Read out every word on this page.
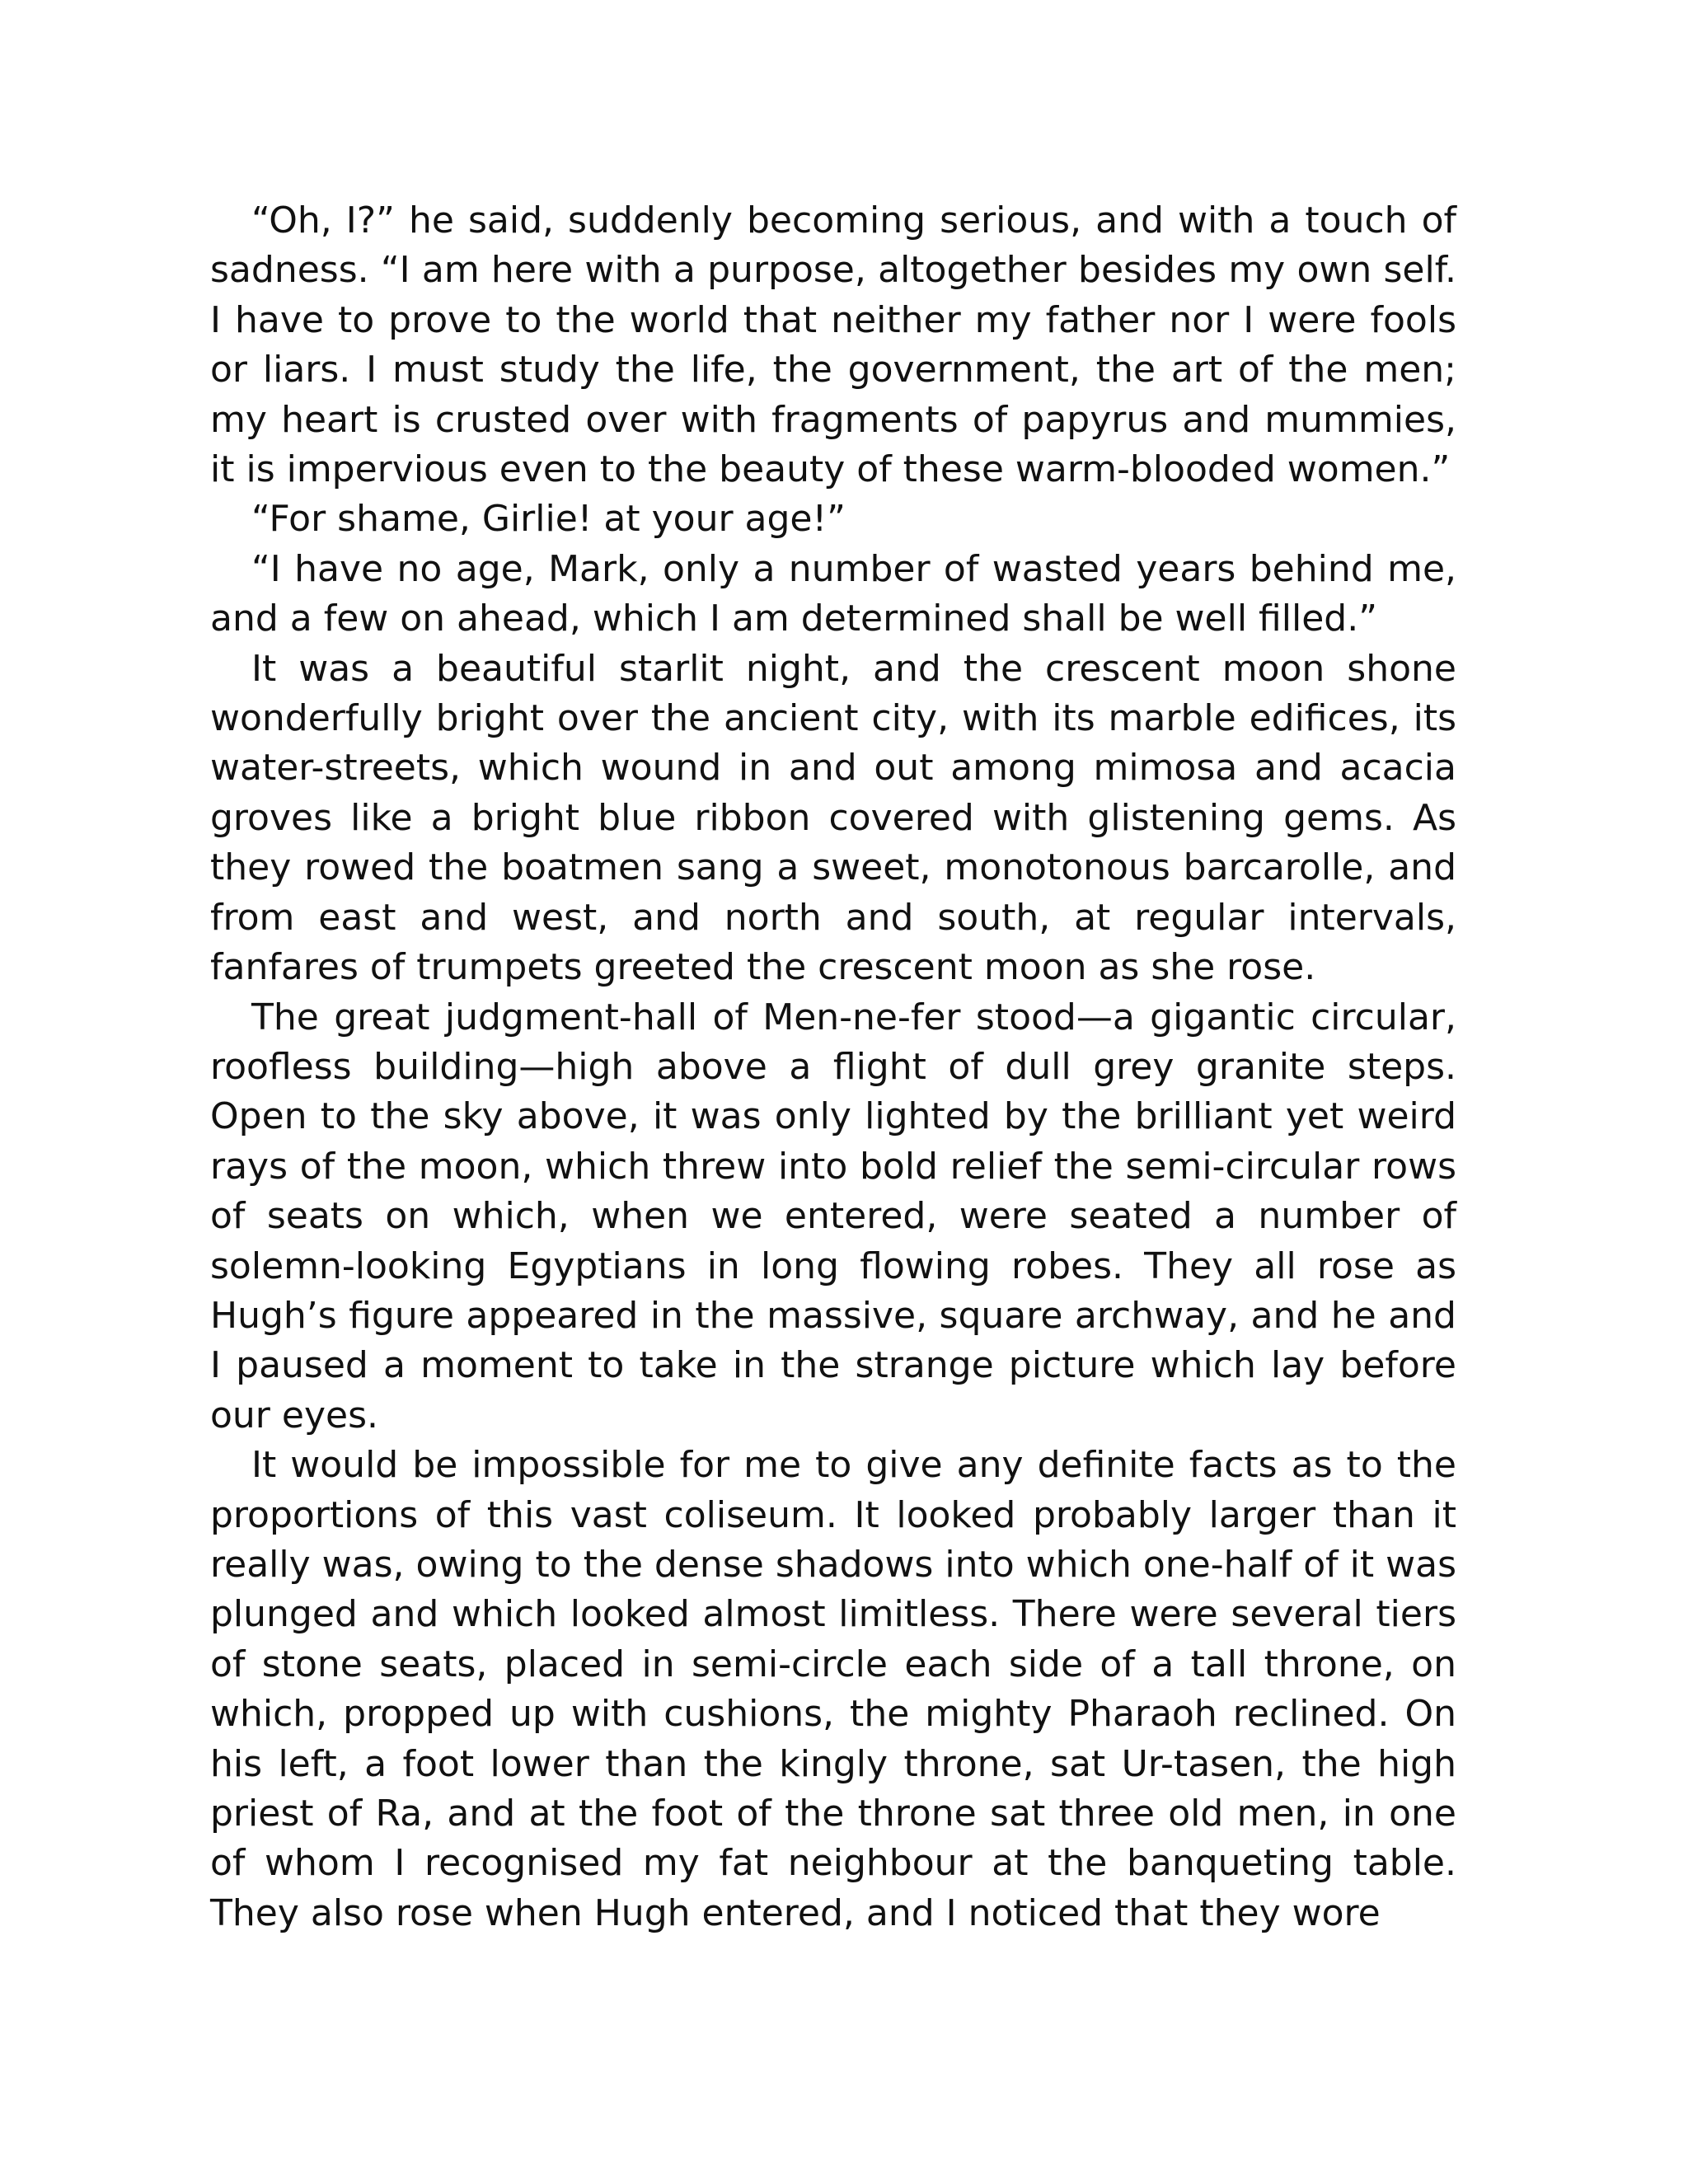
“Oh, I?” he said, suddenly becoming serious, and with a touch of sadness. “I am here with a purpose, altogether besides my own self. I have to prove to the world that neither my father nor I were fools or liars. I must study the life, the government, the art of the men; my heart is crusted over with fragments of papyrus and mummies, it is impervious even to the beauty of these warm-blooded women.”

“For shame, Girlie! at your age!”

“I have no age, Mark, only a number of wasted years behind me, and a few on ahead, which I am determined shall be well filled.”

It was a beautiful starlit night, and the crescent moon shone wonderfully bright over the ancient city, with its marble edifices, its water-streets, which wound in and out among mimosa and acacia groves like a bright blue ribbon covered with glistening gems. As they rowed the boatmen sang a sweet, monotonous barcarolle, and from east and west, and north and south, at regular intervals, fanfares of trumpets greeted the crescent moon as she rose.

The great judgment-hall of Men-ne-fer stood—a gigantic circular, roofless building—high above a flight of dull grey granite steps. Open to the sky above, it was only lighted by the brilliant yet weird rays of the moon, which threw into bold relief the semi-circular rows of seats on which, when we entered, were seated a number of solemn-looking Egyptians in long flowing robes. They all rose as Hugh’s figure appeared in the massive, square archway, and he and I paused a moment to take in the strange picture which lay before our eyes.

It would be impossible for me to give any definite facts as to the proportions of this vast coliseum. It looked probably larger than it really was, owing to the dense shadows into which one-half of it was plunged and which looked almost limitless. There were several tiers of stone seats, placed in semi-circle each side of a tall throne, on which, propped up with cushions, the mighty Pharaoh reclined. On his left, a foot lower than the kingly throne, sat Ur-tasen, the high priest of Ra, and at the foot of the throne sat three old men, in one of whom I recognised my fat neighbour at the banqueting table. They also rose when Hugh entered, and I noticed that they wore
